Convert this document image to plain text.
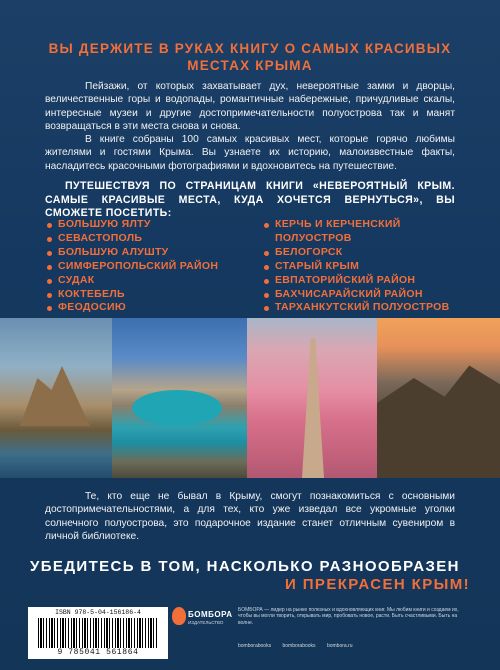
ВЫ ДЕРЖИТЕ В РУКАХ КНИГУ О САМЫХ КРАСИВЫХ МЕСТАХ КРЫМА
Пейзажи, от которых захватывает дух, невероятные замки и дворцы, величественные горы и водопады, романтичные набережные, причудливые скалы, интересные музеи и другие достопримечательности полуострова так и манят возвращаться в эти места снова и снова.
В книге собраны 100 самых красивых мест, которые горячо любимы жителями и гостями Крыма. Вы узнаете их историю, малоизвестные факты, насладитесь красочными фотографиями и вдохновитесь на путешествие.
ПУТЕШЕСТВУЯ ПО СТРАНИЦАМ КНИГИ «НЕВЕРОЯТНЫЙ КРЫМ. САМЫЕ КРАСИВЫЕ МЕСТА, КУДА ХОЧЕТСЯ ВЕРНУТЬСЯ», ВЫ СМОЖЕТЕ ПОСЕТИТЬ:
БОЛЬШУЮ ЯЛТУ
СЕВАСТОПОЛЬ
БОЛЬШУЮ АЛУШТУ
СИМФЕРОПОЛЬСКИЙ РАЙОН
СУДАК
КОКТЕБЕЛЬ
ФЕОДОСИЮ
КЕРЧЬ И КЕРЧЕНСКИЙ ПОЛУОСТРОВ
БЕЛОГОРСК
СТАРЫЙ КРЫМ
ЕВПАТОРИЙСКИЙ РАЙОН
БАХЧИСАРАЙСКИЙ РАЙОН
ТАРХАНКУТСКИЙ ПОЛУОСТРОВ
Те, кто еще не бывал в Крыму, смогут познакомиться с основными достопримечательностями, а для тех, кто уже изведал все укромные уголки солнечного полуострова, это подарочное издание станет отличным сувениром в личной библиотеке.
УБЕДИТЕСЬ В ТОМ, НАСКОЛЬКО РАЗНООБРАЗЕН
И ПРЕКРАСЕН КРЫМ!
ISBN 978-5-04-156186-4
9 785041 561864
БОМБОРА
ИЗДАТЕЛЬСТВО
БОМБОРА — лидер на рынке полезных и вдохновляющих книг. Мы любим книги и создаем их, чтобы вы могли творить, открывать мир, пробовать новое, расти. Быть счастливыми. Быть на волне.
bomborabooks bomborabooks bombora.ru
